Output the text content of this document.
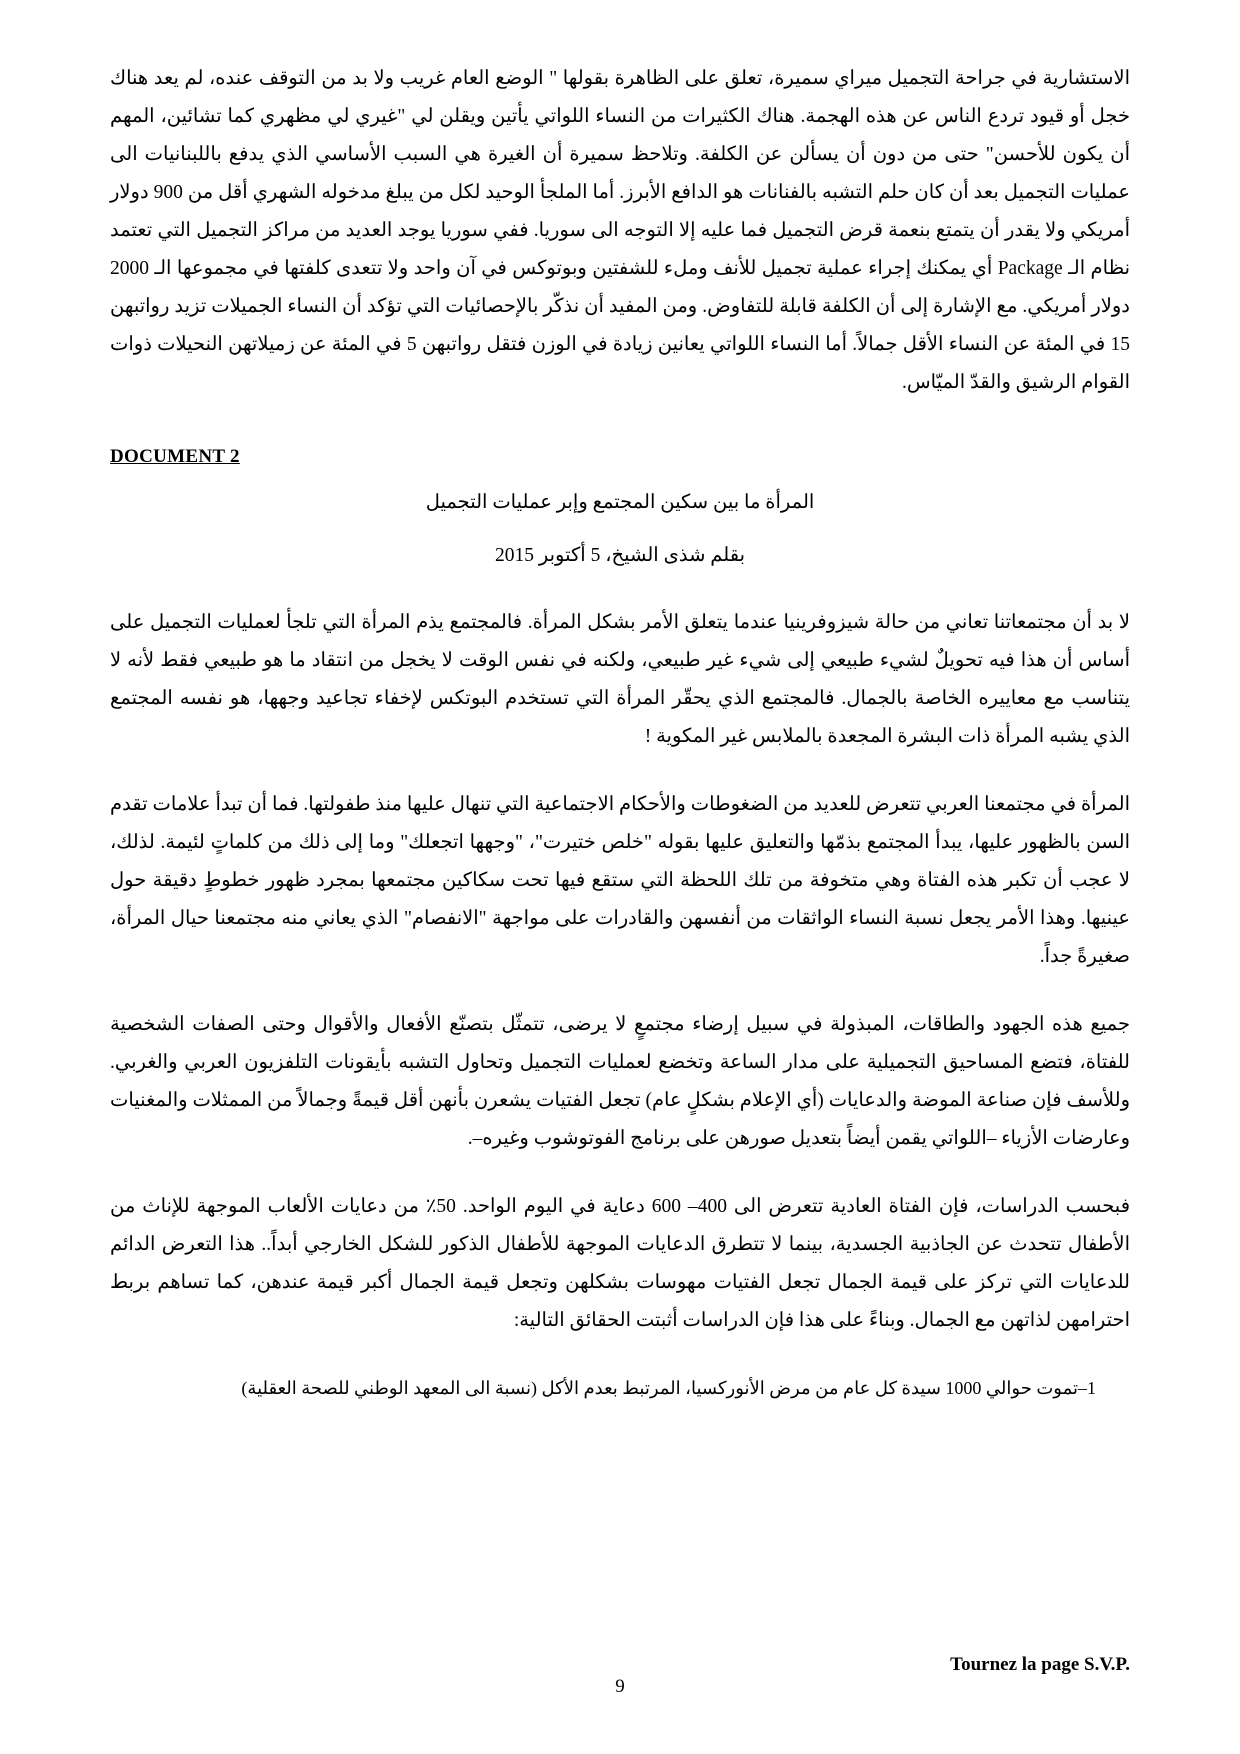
الاستشارية في جراحة التجميل ميراي سميرة، تعلق على الظاهرة بقولها " الوضع العام غريب ولا بد من التوقف عنده، لم يعد هناك خجل أو قيود تردع الناس عن هذه الهجمة. هناك الكثيرات من النساء اللواتي يأتين ويقلن لي "غيري لي مظهري كما تشائين، المهم أن يكون للأحسن" حتى من دون أن يسألن عن الكلفة. وتلاحظ سميرة أن الغيرة هي السبب الأساسي الذي يدفع باللبنانيات الى عمليات التجميل بعد أن كان حلم التشبه بالفنانات هو الدافع الأبرز. أما الملجأ الوحيد لكل من يبلغ مدخوله الشهري أقل من 900 دولار أمريكي ولا يقدر أن يتمتع بنعمة قرض التجميل فما عليه إلا التوجه الى سوريا. ففي سوريا يوجد العديد من مراكز التجميل التي تعتمد نظام الـ Package أي يمكنك إجراء عملية تجميل للأنف وملء للشفتين وبوتوكس في آن واحد ولا تتعدى كلفتها في مجموعها الـ 2000 دولار أمريكي. مع الإشارة إلى أن الكلفة قابلة للتفاوض. ومن المفيد أن نذكّر بالإحصائيات التي تؤكد أن النساء الجميلات تزيد رواتبهن 15 في المئة عن النساء الأقل جمالاً. أما النساء اللواتي يعانين زيادة في الوزن فتقل رواتبهن 5 في المئة عن زميلاتهن النحيلات ذوات القوام الرشيق والقدّ الميّاس.

DOCUMENT 2

المرأة ما بين سكين المجتمع وإبر عمليات التجميل

بقلم شذى الشيخ، 5 أكتوبر 2015

لا بد أن مجتمعاتنا تعاني من حالة شيزوفرينيا عندما يتعلق الأمر بشكل المرأة. فالمجتمع يذم المرأة التي تلجأ لعمليات التجميل على أساس أن هذا فيه تحويلٌ لشيء طبيعي إلى شيء غير طبيعي، ولكنه في نفس الوقت لا يخجل من انتقاد ما هو طبيعي فقط لأنه لا يتناسب مع معاييره الخاصة بالجمال. فالمجتمع الذي يحقّر المرأة التي تستخدم البوتكس لإخفاء تجاعيد وجهها، هو نفسه المجتمع الذي يشبه المرأة ذات البشرة المجعدة بالملابس غير المكوية !

المرأة في مجتمعنا العربي تتعرض للعديد من الضغوطات والأحكام الاجتماعية التي تنهال عليها منذ طفولتها. فما أن تبدأ علامات تقدم السن بالظهور عليها، يبدأ المجتمع بذمّها والتعليق عليها بقوله "خلص ختيرت"، "وجهها اتجعلك" وما إلى ذلك من كلماتٍ لئيمة. لذلك، لا عجب أن تكبر هذه الفتاة وهي متخوفة من تلك اللحظة التي ستقع فيها تحت سكاكين مجتمعها بمجرد ظهور خطوطٍ دقيقة حول عينيها. وهذا الأمر يجعل نسبة النساء الواثقات من أنفسهن والقادرات على مواجهة "الانفصام" الذي يعاني منه مجتمعنا حيال المرأة، صغيرةً جداً.

جميع هذه الجهود والطاقات، المبذولة في سبيل إرضاء مجتمعٍ لا يرضى، تتمثّل بتصنّع الأفعال والأقوال وحتى الصفات الشخصية للفتاة، فتضع المساحيق التجميلية على مدار الساعة وتخضع لعمليات التجميل وتحاول التشبه بأيقونات التلفزيون العربي والغربي. وللأسف فإن صناعة الموضة والدعايات (أي الإعلام بشكلٍ عام) تجعل الفتيات يشعرن بأنهن أقل قيمةً وجمالاً من الممثلات والمغنيات وعارضات الأزياء –اللواتي يقمن أيضاً بتعديل صورهن على برنامج الفوتوشوب وغيره–.

فبحسب الدراسات، فإن الفتاة العادية تتعرض الى 400– 600 دعاية في اليوم الواحد. 50٪ من دعايات الألعاب الموجهة للإناث من الأطفال تتحدث عن الجاذبية الجسدية، بينما لا تتطرق الدعايات الموجهة للأطفال الذكور للشكل الخارجي أبداً.. هذا التعرض الدائم للدعايات التي تركز على قيمة الجمال تجعل الفتيات مهوسات بشكلهن وتجعل قيمة الجمال أكبر قيمة عندهن، كما تساهم بربط احترامهن لذاتهن مع الجمال. وبناءً على هذا فإن الدراسات أثبتت الحقائق التالية:

1–تموت حوالي 1000 سيدة كل عام من مرض الأنوركسيا، المرتبط بعدم الأكل (نسبة الى المعهد الوطني للصحة العقلية)

9
Tournez la page S.V.P.
